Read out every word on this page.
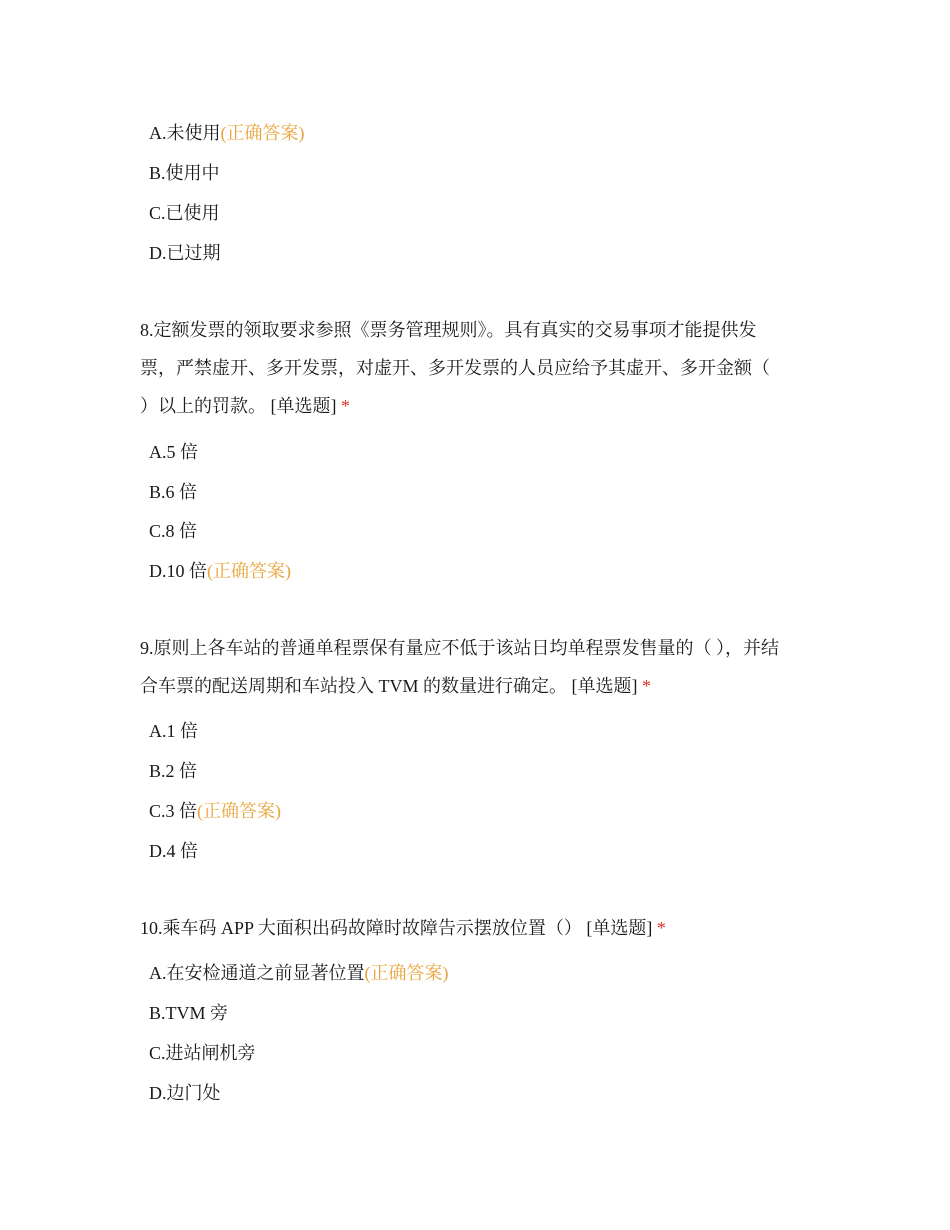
A.未使用(正确答案)
B.使用中
C.已使用
D.已过期
8.定额发票的领取要求参照《票务管理规则》。具有真实的交易事项才能提供发
票，严禁虚开、多开发票，对虚开、多开发票的人员应给予其虚开、多开金额（
）以上的罚款。 [单选题] *
A.5 倍
B.6 倍
C.8 倍
D.10 倍(正确答案)
9.原则上各车站的普通单程票保有量应不低于该站日均单程票发售量的（ ），并结
合车票的配送周期和车站投入 TVM 的数量进行确定。 [单选题] *
A.1 倍
B.2 倍
C.3 倍(正确答案)
D.4 倍
10.乘车码 APP 大面积出码故障时故障告示摆放位置（） [单选题] *
A.在安检通道之前显著位置(正确答案)
B.TVM 旁
C.进站闸机旁
D.边门处
